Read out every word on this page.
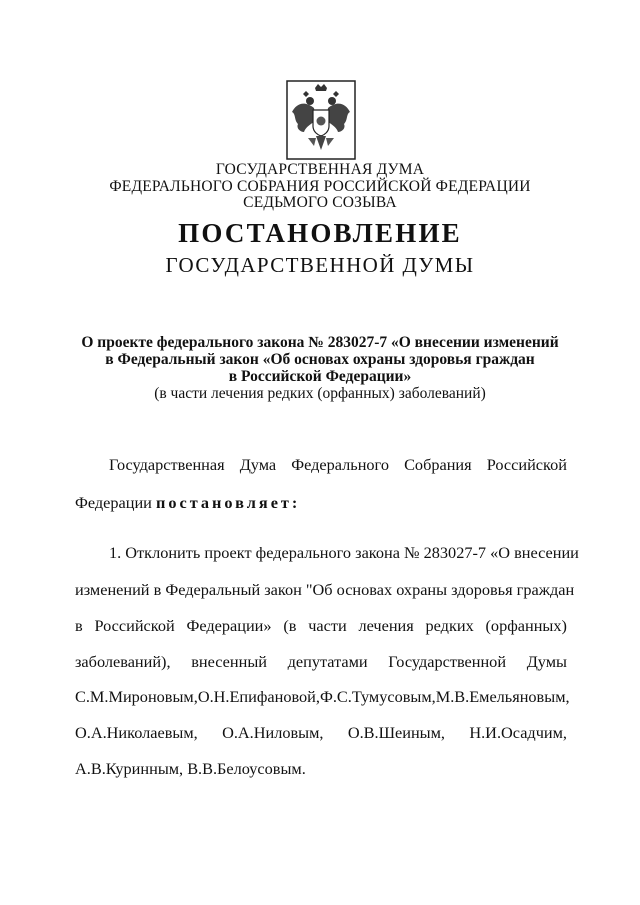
ГОСУДАРСТВЕННАЯ ДУМА
ФЕДЕРАЛЬНОГО СОБРАНИЯ РОССИЙСКОЙ ФЕДЕРАЦИИ
СЕДЬМОГО СОЗЫВА
ПОСТАНОВЛЕНИЕ
ГОСУДАРСТВЕННОЙ ДУМЫ
О проекте федерального закона № 283027-7 «О внесении изменений
в Федеральный закон «Об основах охраны здоровья граждан
в Российской Федерации»
(в части лечения редких (орфанных) заболеваний)
Государственная Дума Федерального Собрания Российской
Федерации постановляет:
1. Отклонить проект федерального закона № 283027-7 «О внесении
изменений в Федеральный закон "Об основах охраны здоровья граждан
в Российской Федерации» (в части лечения редких (орфанных)
заболеваний), внесенный депутатами Государственной Думы
С.М.Мироновым, О.Н.Епифановой, Ф.С.Тумусовым, М.В.Емельяновым,
О.А.Николаевым, О.А.Ниловым, О.В.Шеиным, Н.И.Осадчим,
А.В.Куринным, В.В.Белоусовым.
